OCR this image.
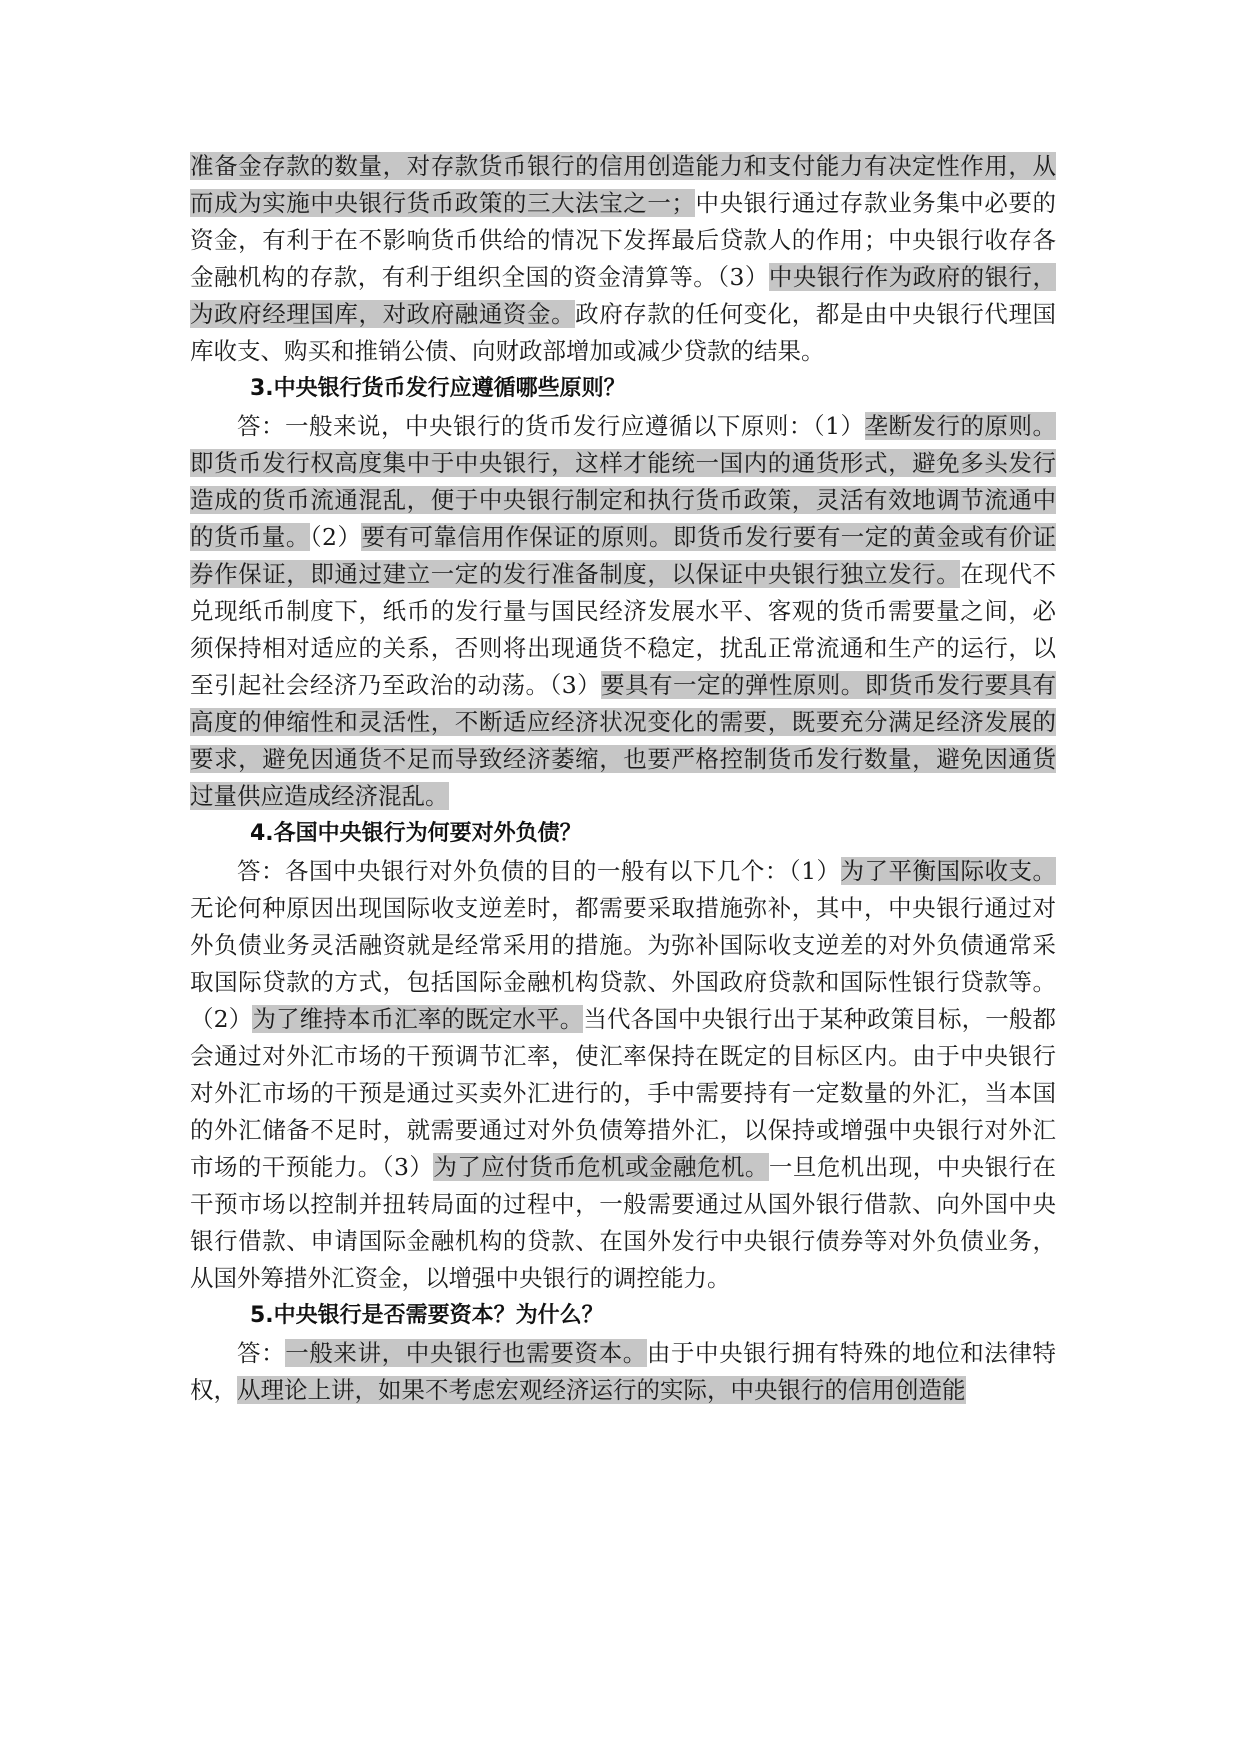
准备金存款的数量，对存款货币银行的信用创造能力和支付能力有决定性作用，从而成为实施中央银行货币政策的三大法宝之一；中央银行通过存款业务集中必要的资金，有利于在不影响货币供给的情况下发挥最后贷款人的作用；中央银行收存各金融机构的存款，有利于组织全国的资金清算等。（3）中央银行作为政府的银行，为政府经理国库，对政府融通资金。政府存款的任何变化，都是由中央银行代理国库收支、购买和推销公债、向财政部增加或减少贷款的结果。

3.中央银行货币发行应遵循哪些原则？

答：一般来说，中央银行的货币发行应遵循以下原则：（1）垄断发行的原则。即货币发行权高度集中于中央银行，这样才能统一国内的通货形式，避免多头发行造成的货币流通混乱，便于中央银行制定和执行货币政策，灵活有效地调节流通中的货币量。（2）要有可靠信用作保证的原则。即货币发行要有一定的黄金或有价证券作保证，即通过建立一定的发行准备制度，以保证中央银行独立发行。在现代不兑现纸币制度下，纸币的发行量与国民经济发展水平、客观的货币需要量之间，必须保持相对适应的关系，否则将出现通货不稳定，扰乱正常流通和生产的运行，以至引起社会经济乃至政治的动荡。（3）要具有一定的弹性原则。即货币发行要具有高度的伸缩性和灵活性，不断适应经济状况变化的需要，既要充分满足经济发展的要求，避免因通货不足而导致经济萎缩，也要严格控制货币发行数量，避免因通货过量供应造成经济混乱。

4.各国中央银行为何要对外负债？

答：各国中央银行对外负债的目的一般有以下几个：（1）为了平衡国际收支。无论何种原因出现国际收支逆差时，都需要采取措施弥补，其中，中央银行通过对外负债业务灵活融资就是经常采用的措施。为弥补国际收支逆差的对外负债通常采取国际贷款的方式，包括国际金融机构贷款、外国政府贷款和国际性银行贷款等。（2）为了维持本币汇率的既定水平。当代各国中央银行出于某种政策目标，一般都会通过对外汇市场的干预调节汇率，使汇率保持在既定的目标区内。由于中央银行对外汇市场的干预是通过买卖外汇进行的，手中需要持有一定数量的外汇，当本国的外汇储备不足时，就需要通过对外负债筹措外汇，以保持或增强中央银行对外汇市场的干预能力。（3）为了应付货币危机或金融危机。一旦危机出现，中央银行在干预市场以控制并扭转局面的过程中，一般需要通过从国外银行借款、向外国中央银行借款、申请国际金融机构的贷款、在国外发行中央银行债券等对外负债业务，从国外筹措外汇资金，以增强中央银行的调控能力。

5.中央银行是否需要资本？为什么？

答：一般来讲，中央银行也需要资本。由于中央银行拥有特殊的地位和法律特权，从理论上讲，如果不考虑宏观经济运行的实际，中央银行的信用创造能
